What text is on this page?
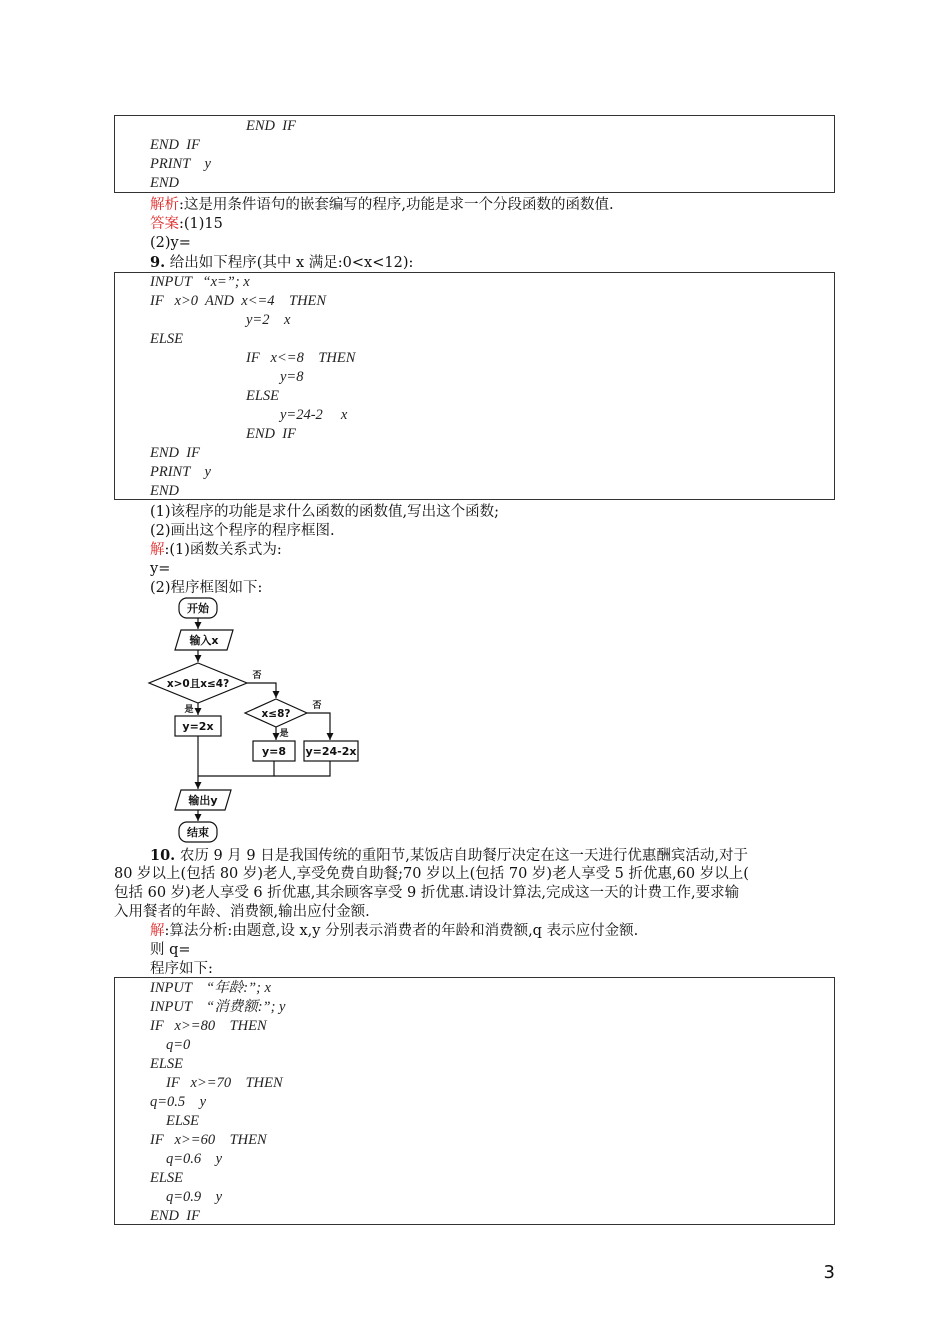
END  IF
END  IF
PRINT    y
END
解析:这是用条件语句的嵌套编写的程序,功能是求一个分段函数的函数值.
答案:(1)15
(2)y=
9. 给出如下程序(其中 x 满足:0<x<12):
INPUT   “x=”; x
IF   x>0  AND  x<=4    THEN
y=2    x
ELSE
IF   x<=8    THEN
y=8
ELSE
y=24-2     x
END  IF
END  IF
PRINT    y
END
(1)该程序的功能是求什么函数的函数值,写出这个函数;
(2)画出这个程序的程序框图.
解:(1)函数关系式为:
y=
(2)程序框图如下:
开始
输入x
x>0且x≤4?
否
是	x≤8?
否
是
y=2x
y=8 y=24-2x
输出y
结束
10. 农历 9 月 9 日是我国传统的重阳节,某饭店自助餐厅决定在这一天进行优惠酬宾活动,对于
80 岁以上(包括 80 岁)老人,享受免费自助餐;70 岁以上(包括 70 岁)老人享受 5 折优惠,60 岁以上(
包括 60 岁)老人享受 6 折优惠,其余顾客享受 9 折优惠.请设计算法,完成这一天的计费工作,要求输
入用餐者的年龄、消费额,输出应付金额.
解:算法分析:由题意,设 x,y 分别表示消费者的年龄和消费额,q 表示应付金额.
则 q=
程序如下:
INPUT    “年龄:”; x
INPUT    “消费额:”; y
IF   x>=80    THEN
q=0
ELSE
IF   x>=70    THEN
q=0.5    y
ELSE
IF   x>=60    THEN
q=0.6    y
ELSE
q=0.9    y
END  IF
3
